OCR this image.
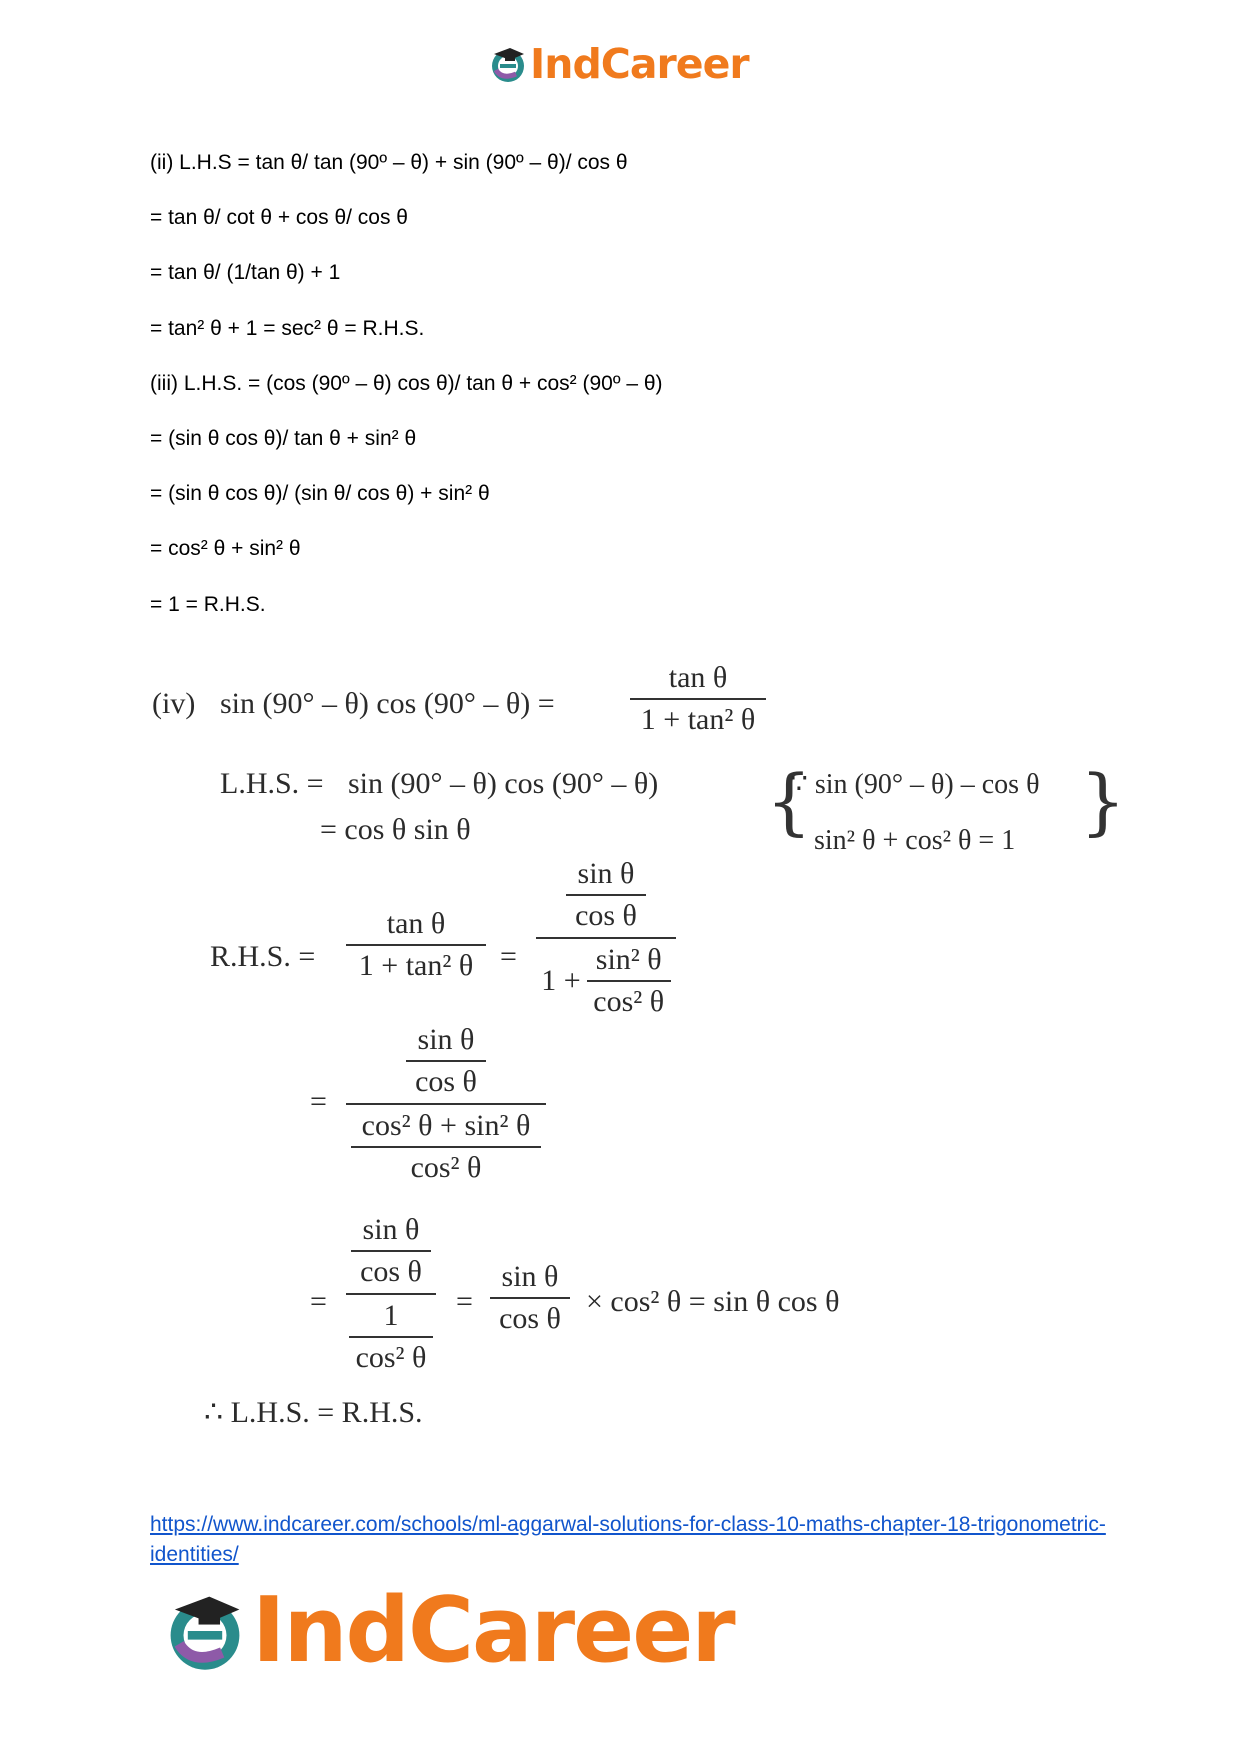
IndCareer
(ii) L.H.S = tan θ/ tan (90º – θ) + sin (90º – θ)/ cos θ
= tan θ/ cot θ + cos θ/ cos θ
= tan θ/ (1/tan θ) + 1
= tan² θ + 1 = sec² θ = R.H.S.
(iii) L.H.S. = (cos (90º – θ) cos θ)/ tan θ + cos² (90º – θ)
= (sin θ cos θ)/ tan θ + sin² θ
= (sin θ cos θ)/ (sin θ/ cos θ) + sin² θ
= cos² θ + sin² θ
= 1 = R.H.S.
(iv) sin (90° – θ) cos (90° – θ) =
tan θ
1 + tan² θ
L.H.S. = sin (90° – θ) cos (90° – θ)
= cos θ sin θ	{
∵ sin (90° – θ) – cos θ
sin² θ + cos² θ = 1 }
R.H.S. =
tan θ
1 + tan² θ =
sin θ
cos θ
$1 + \frac{\text{sin² θ}}{\text{cos² θ}}$
=
sin θ
cos θ
cos² θ + sin² θ
cos² θ
=
sin θ
cos θ
1
cos² θ
=
sin θ
cos θ
× cos² θ = sin θ cos θ
∴ L.H.S. = R.H.S.
https://www.indcareer.com/schools/ml-aggarwal-solutions-for-class-10-maths-chapter-18-trigonometric-identities/
IndCareer
